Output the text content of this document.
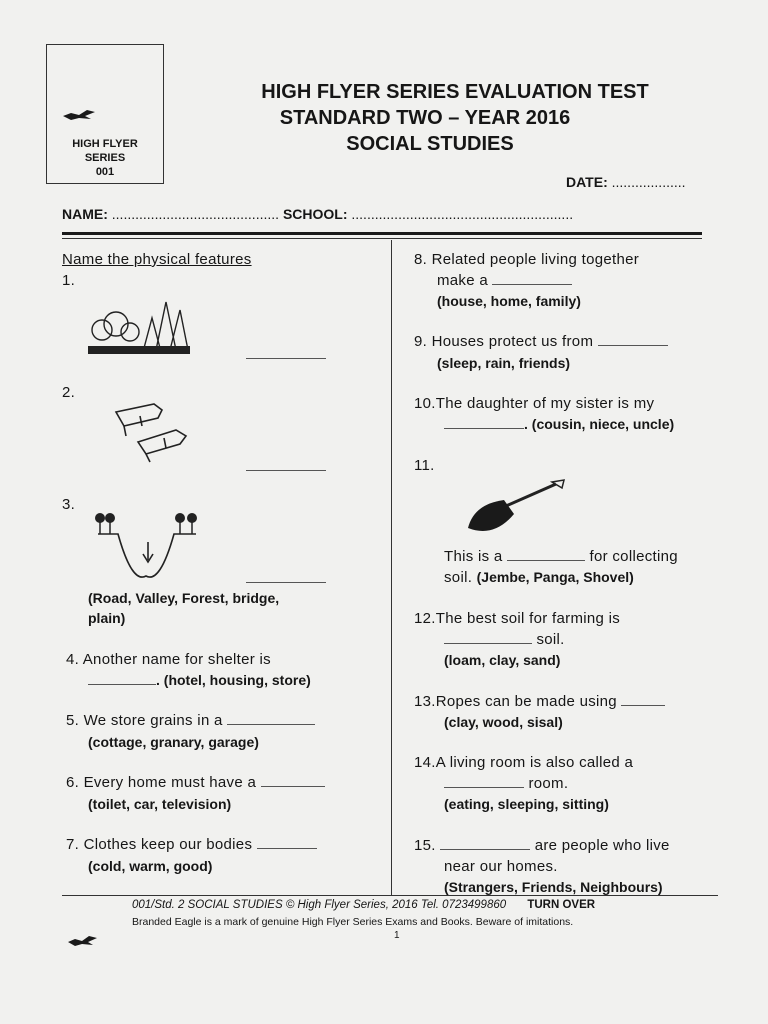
HIGH FLYER
SERIES
001
HIGH FLYER SERIES EVALUATION TEST
STANDARD TWO – YEAR 2016
SOCIAL STUDIES
DATE: ...................
NAME: ........................................... SCHOOL: .........................................................
Name the physical features
1.
2.
3.
(Road, Valley, Forest, bridge,
plain)
4. Another name for shelter is
. (hotel, housing, store)
5. We store grains in a
(cottage, granary, garage)
6. Every home must have a
(toilet, car, television)
7. Clothes keep our bodies
(cold, warm, good)
8. Related people living together
make a
(house, home, family)
9. Houses protect us from
(sleep, rain, friends)
10.The daughter of my sister is my
. (cousin, niece, uncle)
11.
This is a	for collecting
soil. (Jembe, Panga, Shovel)
12.The best soil for farming is
soil.
(loam, clay, sand)
13.Ropes can be made using
(clay, wood, sisal)
14.A living room is also called a
room.
(eating, sleeping, sitting)
15.	are people who live
near our homes.
(Strangers, Friends, Neighbours)
001/Std. 2 SOCIAL STUDIES © High Flyer Series, 2016 Tel. 0723499860 TURN OVER
Branded Eagle is a mark of genuine High Flyer Series Exams and Books. Beware of imitations.
1
